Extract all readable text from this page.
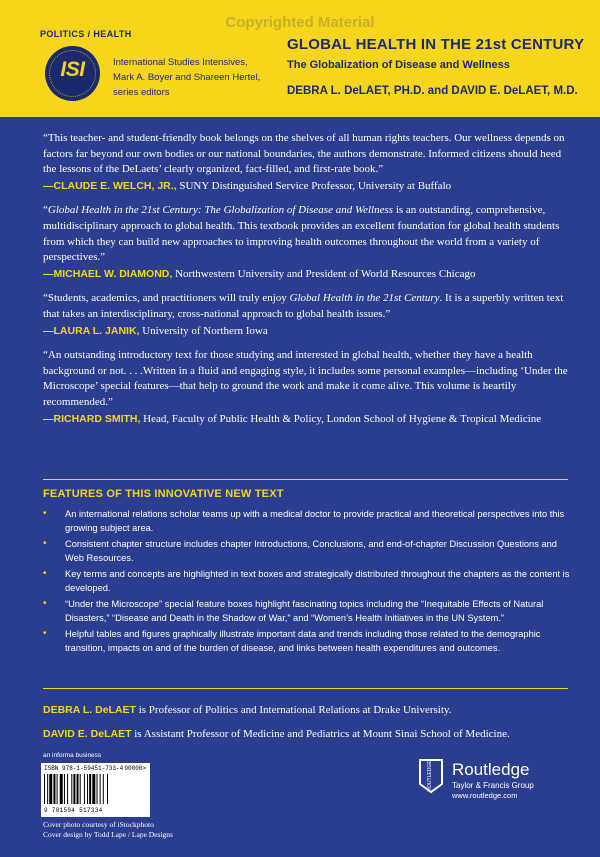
Copyrighted Material
POLITICS / HEALTH
ISI	International Studies Intensives,
Mark A. Boyer and Shareen Hertel,
series editors
GLOBAL HEALTH IN THE 21st CENTURY
The Globalization of Disease and Wellness
DEBRA L. DeLAET, PH.D. and DAVID E. DeLAET, M.D.
“This teacher- and student-friendly book belongs on the shelves of all human rights teachers. Our wellness depends on factors far beyond our own bodies or our national boundaries, the authors demonstrate. Informed citizens should heed the lessons of the DeLaets’ clearly organized, fact-filled, and first-rate book.”
—CLAUDE E. WELCH, JR., SUNY Distinguished Service Professor, University at Buffalo
“Global Health in the 21st Century: The Globalization of Disease and Wellness is an outstanding, comprehensive, multidisciplinary approach to global health. This textbook provides an excellent foundation for global health students from which they can build new approaches to improving health outcomes throughout the world from a variety of perspectives.”
—MICHAEL W. DIAMOND, Northwestern University and President of World Resources Chicago
“Students, academics, and practitioners will truly enjoy Global Health in the 21st Century. It is a superbly written text that takes an interdisciplinary, cross-national approach to global health issues.”
—LAURA L. JANIK, University of Northern Iowa
“An outstanding introductory text for those studying and interested in global health, whether they have a health background or not. . . .Written in a fluid and engaging style, it includes some personal examples—including ‘Under the Microscope’ special features—that help to ground the work and make it come alive. This volume is heartily recommended.”
—RICHARD SMITH, Head, Faculty of Public Health & Policy, London School of Hygiene & Tropical Medicine
FEATURES OF THIS INNOVATIVE NEW TEXT
• An international relations scholar teams up with a medical doctor to provide practical and theoretical perspectives into this growing subject area.
• Consistent chapter structure includes chapter Introductions, Conclusions, and end-of-chapter Discussion Questions and Web Resources.
• Key terms and concepts are highlighted in text boxes and strategically distributed throughout the chapters as the content is developed.
• “Under the Microscope” special feature boxes highlight fascinating topics including the “Inequitable Effects of Natural Disasters,” “Disease and Death in the Shadow of War,” and “Women’s Health Initiatives in the UN System.”
• Helpful tables and figures graphically illustrate important data and trends including those related to the demographic transition, impacts on and of the burden of disease, and links between health expenditures and outcomes.
DEBRA L. DeLAET is Professor of Politics and International Relations at Drake University.
DAVID E. DeLAET is Assistant Professor of Medicine and Pediatrics at Mount Sinai School of Medicine.
an informa business
ISBN 978-1-59451-733-4
9 781594 517334
90000>
Cover photo courtesy of iStockphoto
Cover design by Todd Lape / Lape Designs
ROUTLEDGE Routledge
Taylor & Francis Group
www.routledge.com
